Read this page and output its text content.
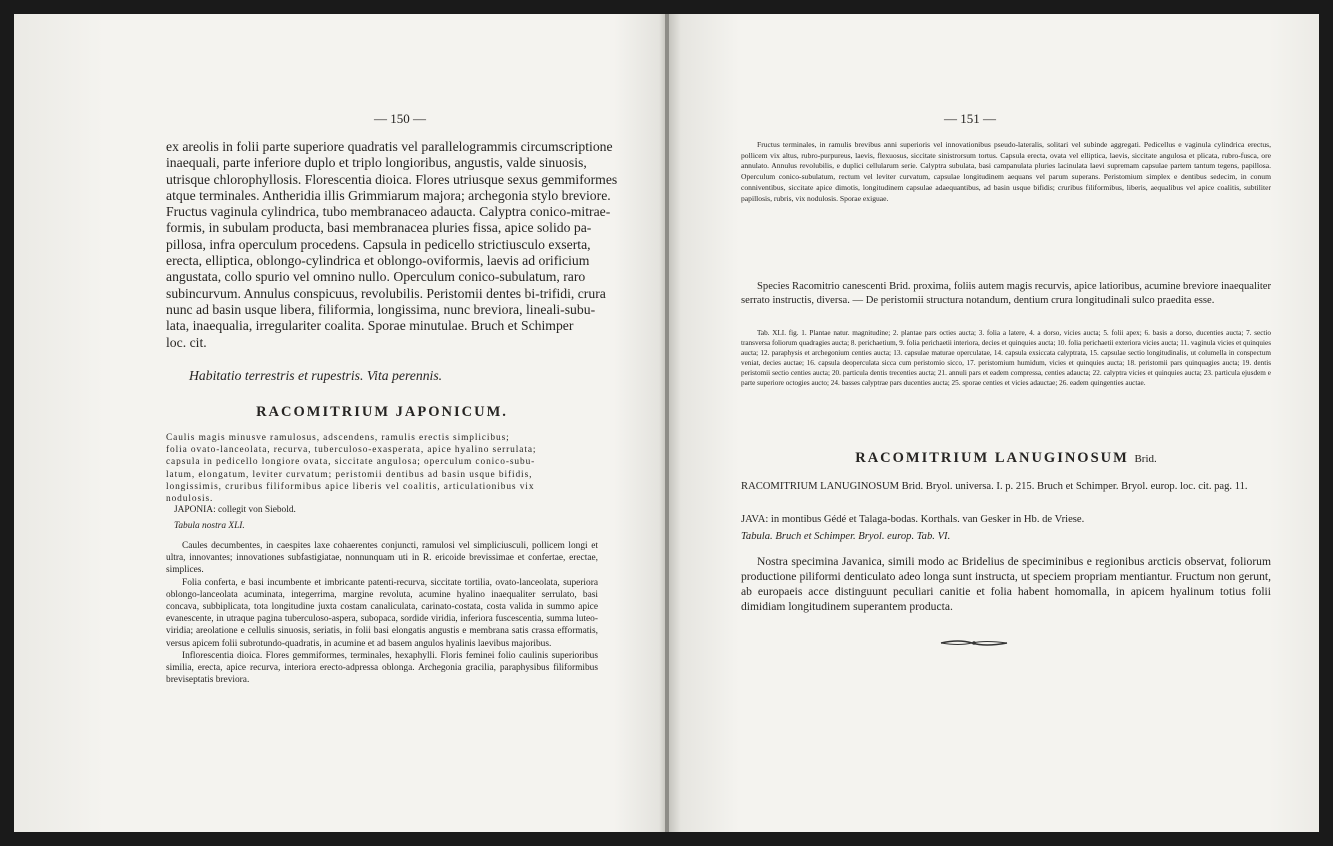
— 150 —
ex areolis in folii parte superiore quadratis vel parallelogrammis circumscriptione
inaequali, parte inferiore duplo et triplo longioribus, angustis, valde sinuosis,
utrisque chlorophyllosis. Florescentia dioica. Flores utriusque sexus gemmiformes
atque terminales. Antheridia illis Grimmiarum majora; archegonia stylo breviore.
Fructus vaginula cylindrica, tubo membranaceo adaucta. Calyptra conico-mitrae-
formis, in subulam producta, basi membranacea pluries fissa, apice solido pa-
pillosa, infra operculum procedens. Capsula in pedicello strictiusculo exserta,
erecta, elliptica, oblongo-cylindrica et oblongo-oviformis, laevis ad orificium
angustata, collo spurio vel omnino nullo. Operculum conico-subulatum, raro
subincurvum. Annulus conspicuus, revolubilis. Peristomii dentes bi-trifidi, crura
nunc ad basin usque libera, filiformia, longissima, nunc breviora, lineali-subu-
lata, inaequalia, irregulariter coalita. Sporae minutulae. Bruch et Schimper
loc. cit.
Habitatio terrestris et rupestris. Vita perennis.
RACOMITRIUM JAPONICUM.
Caulis magis minusve ramulosus, adscendens, ramulis erectis simplicibus;
folia ovato-lanceolata, recurva, tuberculoso-exasperata, apice hyalino serrulata;
capsula in pedicello longiore ovata, siccitate angulosa; operculum conico-subu-
latum, elongatum, leviter curvatum; peristomii dentibus ad basin usque bifidis,
longissimis, cruribus filiformibus apice liberis vel coalitis, articulationibus vix
nodulosis.
JAPONIA: collegit von Siebold.
Tabula nostra XLI.
Caules decumbentes, in caespites laxe cohaerentes conjuncti, ramulosi vel simpliciusculi, pollicem longi et ultra, innovantes; innovationes subfastigiatae, nonnunquam uti in R. ericoide brevissimae et confertae, erectae, simplices.
Folia conferta, e basi incumbente et imbricante patenti-recurva, siccitate tortilia, ovato-lanceolata, superiora oblongo-lanceolata acuminata, integerrima, margine revoluta, acumine hyalino inaequaliter serrulato, basi concava, subbiplicata, tota longitudine juxta costam canaliculata, carinato-costata, costa valida in summo apice evanescente, in utraque pagina tuberculoso-aspera, subopaca, sordide viridia, inferiora fuscescentia, summa luteo-viridia; areolatione e cellulis sinuosis, seriatis, in folii basi elongatis angustis e membrana satis crassa efformatis, versus apicem folii subrotundo-quadratis, in acumine et ad basem angulos hyalinis laevibus majoribus.
Inflorescentia dioica. Flores gemmiformes, terminales, hexaphylli. Floris feminei folio caulinis superioribus similia, erecta, apice recurva, interiora erecto-adpressa oblonga. Archegonia gracilia, paraphysibus filiformibus breviseptatis breviora.
— 151 —
Fructus terminales, in ramulis brevibus anni superioris vel innovationibus pseudo-lateralis, solitari vel subinde aggregati. Pedicellus e vaginula cylindrica erectus, pollicem vix altus, rubro-purpureus, laevis, flexuosus, siccitate sinistrorsum tortus. Capsula erecta, ovata vel elliptica, laevis, siccitate angulosa et plicata, rubro-fusca, ore annulato. Annulus revolubilis, e duplici cellularum serie. Calyptra subulata, basi campanulata pluries lacinulata laevi supremam capsulae partem tantum tegens, papillosa. Operculum conico-subulatum, rectum vel leviter curvatum, capsulae longitudinem aequans vel parum superans. Peristomium simplex e dentibus sedecim, in conum conniventibus, siccitate apice dimotis, longitudinem capsulae adaequantibus, ad basin usque bifidis; cruribus filiformibus, liberis, aequalibus vel apice coalitis, subtiliter papillosis, rubris, vix nodulosis. Sporae exiguae.
Species Racomitrio canescenti Brid. proxima, foliis autem magis recurvis, apice latioribus, acumine breviore inaequaliter serrato instructis, diversa. — De peristomii structura notandum, dentium crura longitudinali sulco praedita esse.
Tab. XLI. fig. 1. Plantae natur. magnitudine; 2. plantae pars octies aucta; 3. folia a latere, 4. a dorso, vicies aucta; 5. folii apex; 6. basis a dorso, ducenties aucta; 7. sectio transversa foliorum quadragies aucta; 8. perichaetium, 9. folia perichaetii interiora, decies et quinquies aucta; 10. folia perichaetii exteriora vicies aucta; 11. vaginula vicies et quinquies aucta; 12. paraphysis et archegonium centies aucta; 13. capsulae maturae operculatae, 14. capsula exsiccata calyptrata, 15. capsulae sectio longitudinalis, ut columella in conspectum veniat, decies auctae; 16. capsula deoperculata sicca cum peristomio sicco, 17. peristomium humidum, vicies et quinquies aucta; 18. peristomii pars quinquagies aucta; 19. dentis peristomii sectio centies aucta; 20. particula dentis trecenties aucta; 21. annuli pars et eadem compressa, centies adaucta; 22. calyptra vicies et quinquies aucta; 23. particula ejusdem e parte superiore octogies aucto; 24. basses calyptrae pars ducenties aucta; 25. sporae centies et vicies adauctae; 26. eadem quingenties auctae.
RACOMITRIUM LANUGINOSUM Brid.
RACOMITRIUM LANUGINOSUM Brid. Bryol. universa. I. p. 215. Bruch et Schimper. Bryol. europ. loc. cit. pag. 11.
JAVA: in montibus Gédé et Talaga-bodas. Korthals. van Gesker in Hb. de Vriese.
Tabula. Bruch et Schimper. Bryol. europ. Tab. VI.
Nostra specimina Javanica, simili modo ac Bridelius de speciminibus e regionibus arcticis observat, foliorum productione piliformi denticulato adeo longa sunt instructa, ut speciem propriam mentiantur. Fructum non gerunt, ab europaeis acce distinguunt peculiari canitie et folia habent homomalla, in apicem hyalinum totius folii dimidiam longitudinem superantem producta.
